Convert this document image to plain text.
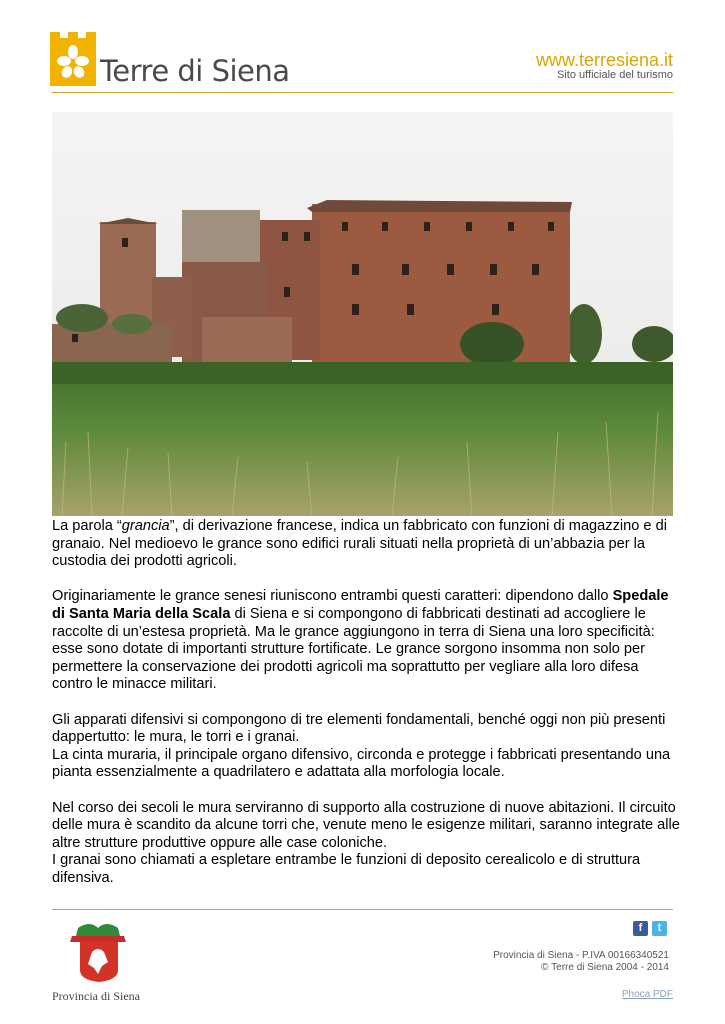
Terre di Siena	www.terresiena.it
Sito ufficiale del turismo

La parola “grancia”, di derivazione francese, indica un fabbricato con funzioni di magazzino e di granaio. Nel medioevo le grance sono edifici rurali situati nella proprietà di un’abbazia per la custodia dei prodotti agricoli.

Originariamente le grance senesi riuniscono entrambi questi caratteri: dipendono dallo Spedale di Santa Maria della Scala di Siena e si compongono di fabbricati destinati ad accogliere le raccolte di un’estesa proprietà. Ma le grance aggiungono in terra di Siena una loro specificità: esse sono dotate di importanti strutture fortificate. Le grance sorgono insomma non solo per permettere la conservazione dei prodotti agricoli ma soprattutto per vegliare alla loro difesa contro le minacce militari.

Gli apparati difensivi si compongono di tre elementi fondamentali, benché oggi non più presenti dappertutto: le mura, le torri e i granai.
La cinta muraria, il principale organo difensivo, circonda e protegge i fabbricati presentando una pianta essenzialmente a quadrilatero e adattata alla morfologia locale.

Nel corso dei secoli le mura serviranno di supporto alla costruzione di nuove abitazioni. Il circuito delle mura è scandito da alcune torri che, venute meno le esigenze militari, saranno integrate alle altre strutture produttive oppure alle case coloniche.
I granai sono chiamati a espletare entrambe le funzioni di deposito cerealicolo e di struttura difensiva.

Provincia di Siena
f	t
Provincia di Siena - P.IVA 00166340521
© Terre di Siena 2004 - 2014
Phoca PDF
